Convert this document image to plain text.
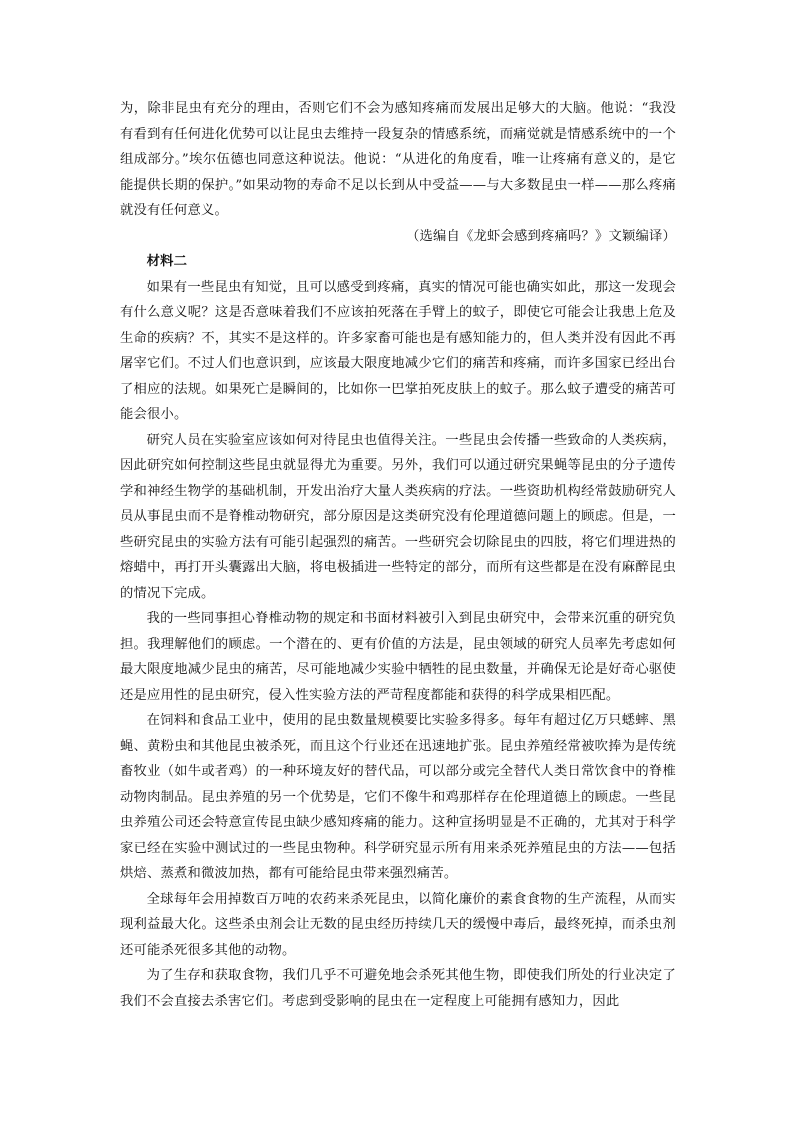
为，除非昆虫有充分的理由，否则它们不会为感知疼痛而发展出足够大的大脑。他说：“我没有看到有任何进化优势可以让昆虫去维持一段复杂的情感系统，而痛觉就是情感系统中的一个组成部分。”埃尔伍德也同意这种说法。他说：“从进化的角度看，唯一让疼痛有意义的，是它能提供长期的保护。”如果动物的寿命不足以长到从中受益——与大多数昆虫一样——那么疼痛就没有任何意义。

（选编自《龙虾会感到疼痛吗？》文颖编译）

材料二

如果有一些昆虫有知觉，且可以感受到疼痛，真实的情况可能也确实如此，那这一发现会有什么意义呢？这是否意味着我们不应该拍死落在手臂上的蚊子，即使它可能会让我患上危及生命的疾病？不，其实不是这样的。许多家畜可能也是有感知能力的，但人类并没有因此不再屠宰它们。不过人们也意识到，应该最大限度地减少它们的痛苦和疼痛，而许多国家已经出台了相应的法规。如果死亡是瞬间的，比如你一巴掌拍死皮肤上的蚊子。那么蚊子遭受的痛苦可能会很小。

研究人员在实验室应该如何对待昆虫也值得关注。一些昆虫会传播一些致命的人类疾病，因此研究如何控制这些昆虫就显得尤为重要。另外，我们可以通过研究果蝇等昆虫的分子遗传学和神经生物学的基础机制，开发出治疗大量人类疾病的疗法。一些资助机构经常鼓励研究人员从事昆虫而不是脊椎动物研究，部分原因是这类研究没有伦理道德问题上的顾虑。但是，一些研究昆虫的实验方法有可能引起强烈的痛苦。一些研究会切除昆虫的四肢，将它们埋进热的熔蜡中，再打开头囊露出大脑，将电极插进一些特定的部分，而所有这些都是在没有麻醉昆虫的情况下完成。

我的一些同事担心脊椎动物的规定和书面材料被引入到昆虫研究中，会带来沉重的研究负担。我理解他们的顾虑。一个潜在的、更有价值的方法是，昆虫领域的研究人员率先考虑如何最大限度地减少昆虫的痛苦，尽可能地减少实验中牺牲的昆虫数量，并确保无论是好奇心驱使还是应用性的昆虫研究，侵入性实验方法的严苛程度都能和获得的科学成果相匹配。

在饲料和食品工业中，使用的昆虫数量规模要比实验多得多。每年有超过亿万只蟋蟀、黑蝇、黄粉虫和其他昆虫被杀死，而且这个行业还在迅速地扩张。昆虫养殖经常被吹捧为是传统畜牧业（如牛或者鸡）的一种环境友好的替代品，可以部分或完全替代人类日常饮食中的脊椎动物肉制品。昆虫养殖的另一个优势是，它们不像牛和鸡那样存在伦理道德上的顾虑。一些昆虫养殖公司还会特意宣传昆虫缺少感知疼痛的能力。这种宣扬明显是不正确的，尤其对于科学家已经在实验中测试过的一些昆虫物种。科学研究显示所有用来杀死养殖昆虫的方法——包括烘焙、蒸煮和微波加热，都有可能给昆虫带来强烈痛苦。

全球每年会用掉数百万吨的农药来杀死昆虫，以简化廉价的素食食物的生产流程，从而实现利益最大化。这些杀虫剂会让无数的昆虫经历持续几天的缓慢中毒后，最终死掉，而杀虫剂还可能杀死很多其他的动物。

为了生存和获取食物，我们几乎不可避免地会杀死其他生物，即使我们所处的行业决定了我们不会直接去杀害它们。考虑到受影响的昆虫在一定程度上可能拥有感知力，因此
